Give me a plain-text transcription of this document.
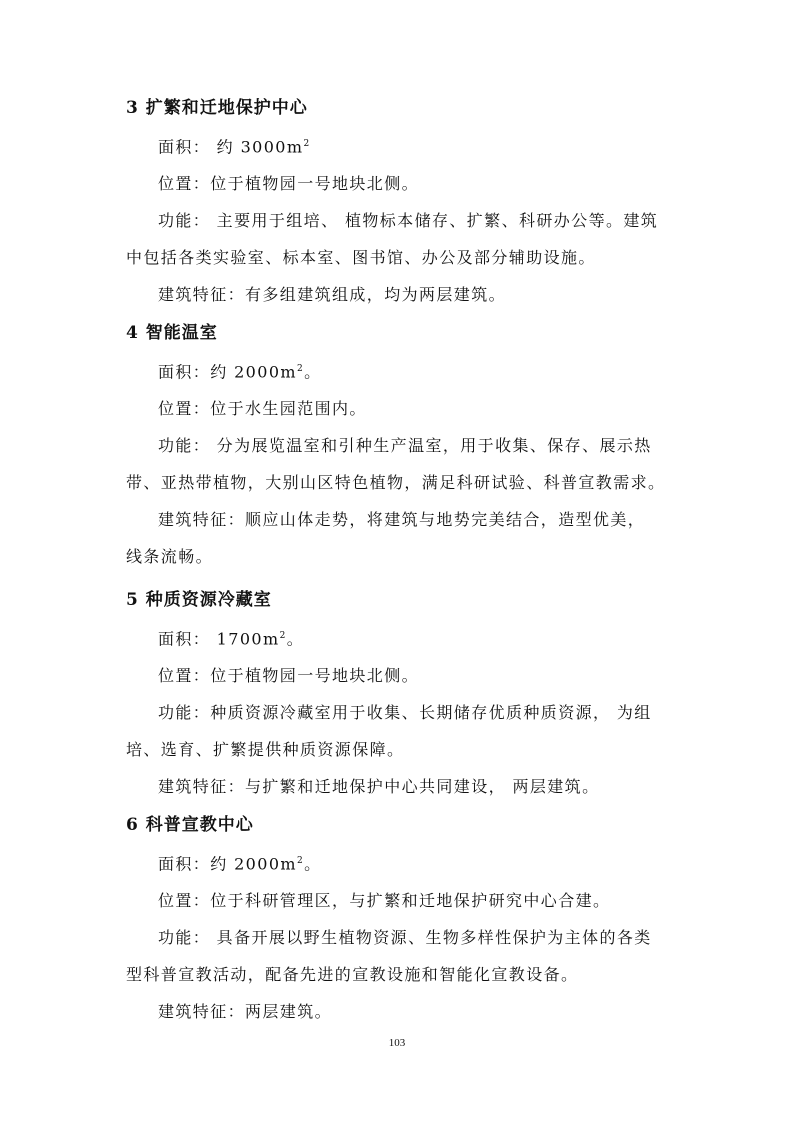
3 扩繁和迁地保护中心

面积： 约 $3000m^2$

位置：位于植物园一号地块北侧。

功能： 主要用于组培、 植物标本储存、扩繁、科研办公等。建筑

中包括各类实验室、标本室、图书馆、办公及部分辅助设施。

建筑特征：有多组建筑组成，均为两层建筑。

4 智能温室

面积：约 $2000m^2$。

位置：位于水生园范围内。

功能： 分为展览温室和引种生产温室，用于收集、保存、展示热

带、亚热带植物，大别山区特色植物，满足科研试验、科普宣教需求。

建筑特征：顺应山体走势，将建筑与地势完美结合，造型优美，

线条流畅。

5 种质资源冷藏室

面积： $1700m^2$。

位置：位于植物园一号地块北侧。

功能：种质资源冷藏室用于收集、长期储存优质种质资源， 为组

培、选育、扩繁提供种质资源保障。

建筑特征：与扩繁和迁地保护中心共同建设， 两层建筑。

6 科普宣教中心

面积：约 $2000m^2$。

位置：位于科研管理区，与扩繁和迁地保护研究中心合建。

功能： 具备开展以野生植物资源、生物多样性保护为主体的各类

型科普宣教活动，配备先进的宣教设施和智能化宣教设备。

建筑特征：两层建筑。

103
